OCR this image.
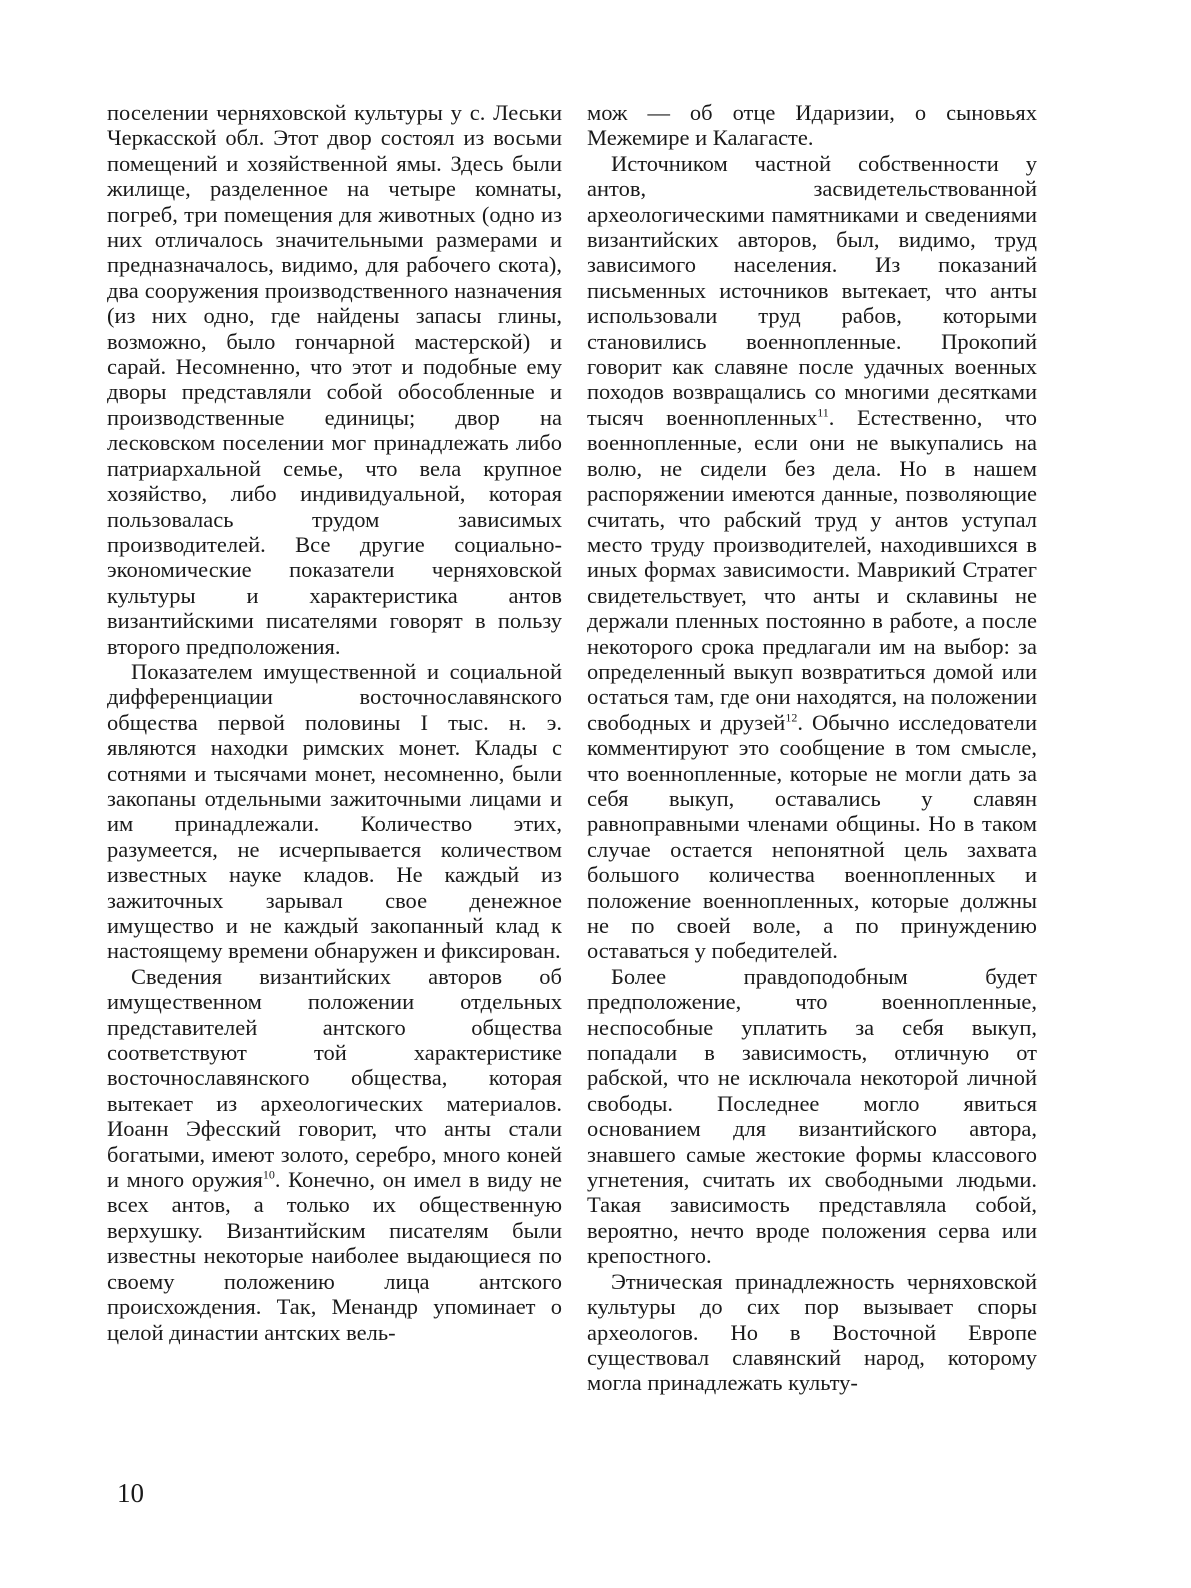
поселении черняховской культуры у с. Леськи Черкасской обл. Этот двор состоял из восьми помещений и хозяйственной ямы. Здесь были жилище, разделенное на четыре комнаты, погреб, три помещения для животных (одно из них отличалось значительными размерами и предназначалось, видимо, для рабочего скота), два сооружения производственного назначения (из них одно, где найдены запасы глины, возможно, было гончарной мастерской) и сарай. Несомненно, что этот и подобные ему дворы представляли собой обособленные и производственные единицы; двор на лесковском поселении мог принадлежать либо патриархальной семье, что вела крупное хозяйство, либо индивидуальной, которая пользовалась трудом зависимых производителей. Все другие социально-экономические показатели черняховской культуры и характеристика антов византийскими писателями говорят в пользу второго предположения.

Показателем имущественной и социальной дифференциации восточнославянского общества первой половины I тыс. н. э. являются находки римских монет. Клады с сотнями и тысячами монет, несомненно, были закопаны отдельными зажиточными лицами и им принадлежали. Количество этих, разумеется, не исчерпывается количеством известных науке кладов. Не каждый из зажиточных зарывал свое денежное имущество и не каждый закопанный клад к настоящему времени обнаружен и фиксирован.

Сведения византийских авторов об имущественном положении отдельных представителей антского общества соответствуют той характеристике восточнославянского общества, которая вытекает из археологических материалов. Иоанн Эфесский говорит, что анты стали богатыми, имеют золото, серебро, много коней и много оружия$^{10}$. Конечно, он имел в виду не всех антов, а только их общественную верхушку. Византийским писателям были известны некоторые наиболее выдающиеся по своему положению лица антского происхождения. Так, Менандр упоминает о целой династии антских вель-

мож — об отце Идаризии, о сыновьях Межемире и Калагасте.

Источником частной собственности у антов, засвидетельствованной археологическими памятниками и сведениями византийских авторов, был, видимо, труд зависимого населения. Из показаний письменных источников вытекает, что анты использовали труд рабов, которыми становились военнопленные. Прокопий говорит как славяне после удачных военных походов возвращались со многими десятками тысяч военнопленных$^{11}$. Естественно, что военнопленные, если они не выкупались на волю, не сидели без дела. Но в нашем распоряжении имеются данные, позволяющие считать, что рабский труд у антов уступал место труду производителей, находившихся в иных формах зависимости. Маврикий Стратег свидетельствует, что анты и склавины не держали пленных постоянно в работе, а после некоторого срока предлагали им на выбор: за определенный выкуп возвратиться домой или остаться там, где они находятся, на положении свободных и друзей$^{12}$. Обычно исследователи комментируют это сообщение в том смысле, что военнопленные, которые не могли дать за себя выкуп, оставались у славян равноправными членами общины. Но в таком случае остается непонятной цель захвата большого количества военнопленных и положение военнопленных, которые должны не по своей воле, а по принуждению оставаться у победителей.

Более правдоподобным будет предположение, что военнопленные, неспособные уплатить за себя выкуп, попадали в зависимость, отличную от рабской, что не исключала некоторой личной свободы. Последнее могло явиться основанием для византийского автора, знавшего самые жестокие формы классового угнетения, считать их свободными людьми. Такая зависимость представляла собой, вероятно, нечто вроде положения серва или крепостного.

Этническая принадлежность черняховской культуры до сих пор вызывает споры археологов. Но в Восточной Европе существовал славянский народ, которому могла принадлежать культу-

10
